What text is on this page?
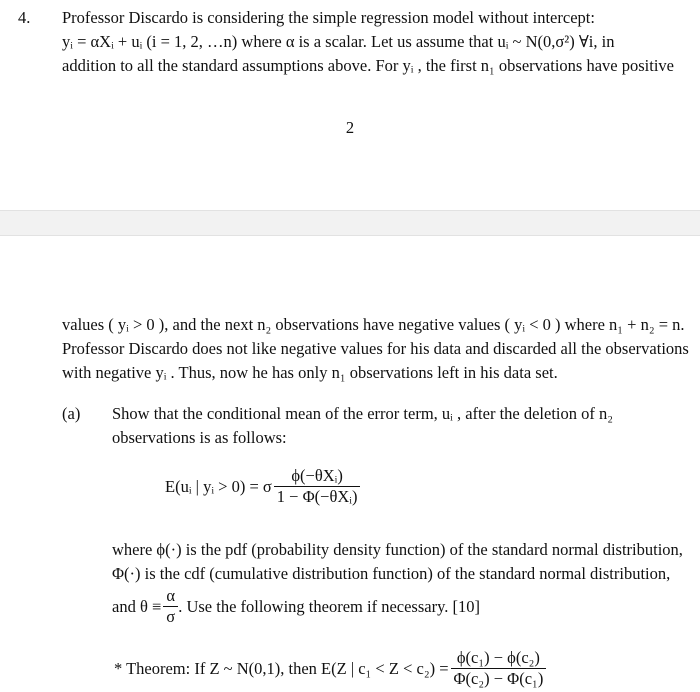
4. Professor Discardo is considering the simple regression model without intercept:
yᵢ = αXᵢ + uᵢ (i = 1, 2, …n) where α is a scalar. Let us assume that uᵢ ~ N(0,σ²) ∀i, in
addition to all the standard assumptions above. For yᵢ , the first n₁ observations have positive
2
values ( yᵢ > 0 ), and the next n₂ observations have negative values ( yᵢ < 0 ) where n₁ + n₂ = n.
Professor Discardo does not like negative values for his data and discarded all the observations
with negative yᵢ . Thus, now he has only n₁ observations left in his data set.
(a) Show that the conditional mean of the error term, uᵢ , after the deletion of n₂
observations is as follows:
E(uᵢ | yᵢ > 0) = σ $\frac{\text{ϕ(−θXᵢ)}}{\text{1 − Φ(−θXᵢ)}}$
where ϕ(·) is the pdf (probability density function) of the standard normal distribution,
Φ(·) is the cdf (cumulative distribution function) of the standard normal distribution,
and $\theta \equiv \frac{\alpha}{\sigma}$ . Use the following theorem if necessary. [10]
* Theorem: If Z ~ N(0,1), then E(Z | $c_1 < Z < c_2) = \frac{\text{ϕ(c₁) − ϕ(c₂)}}{\text{Φ(c₂) − Φ(c₁)}}$
